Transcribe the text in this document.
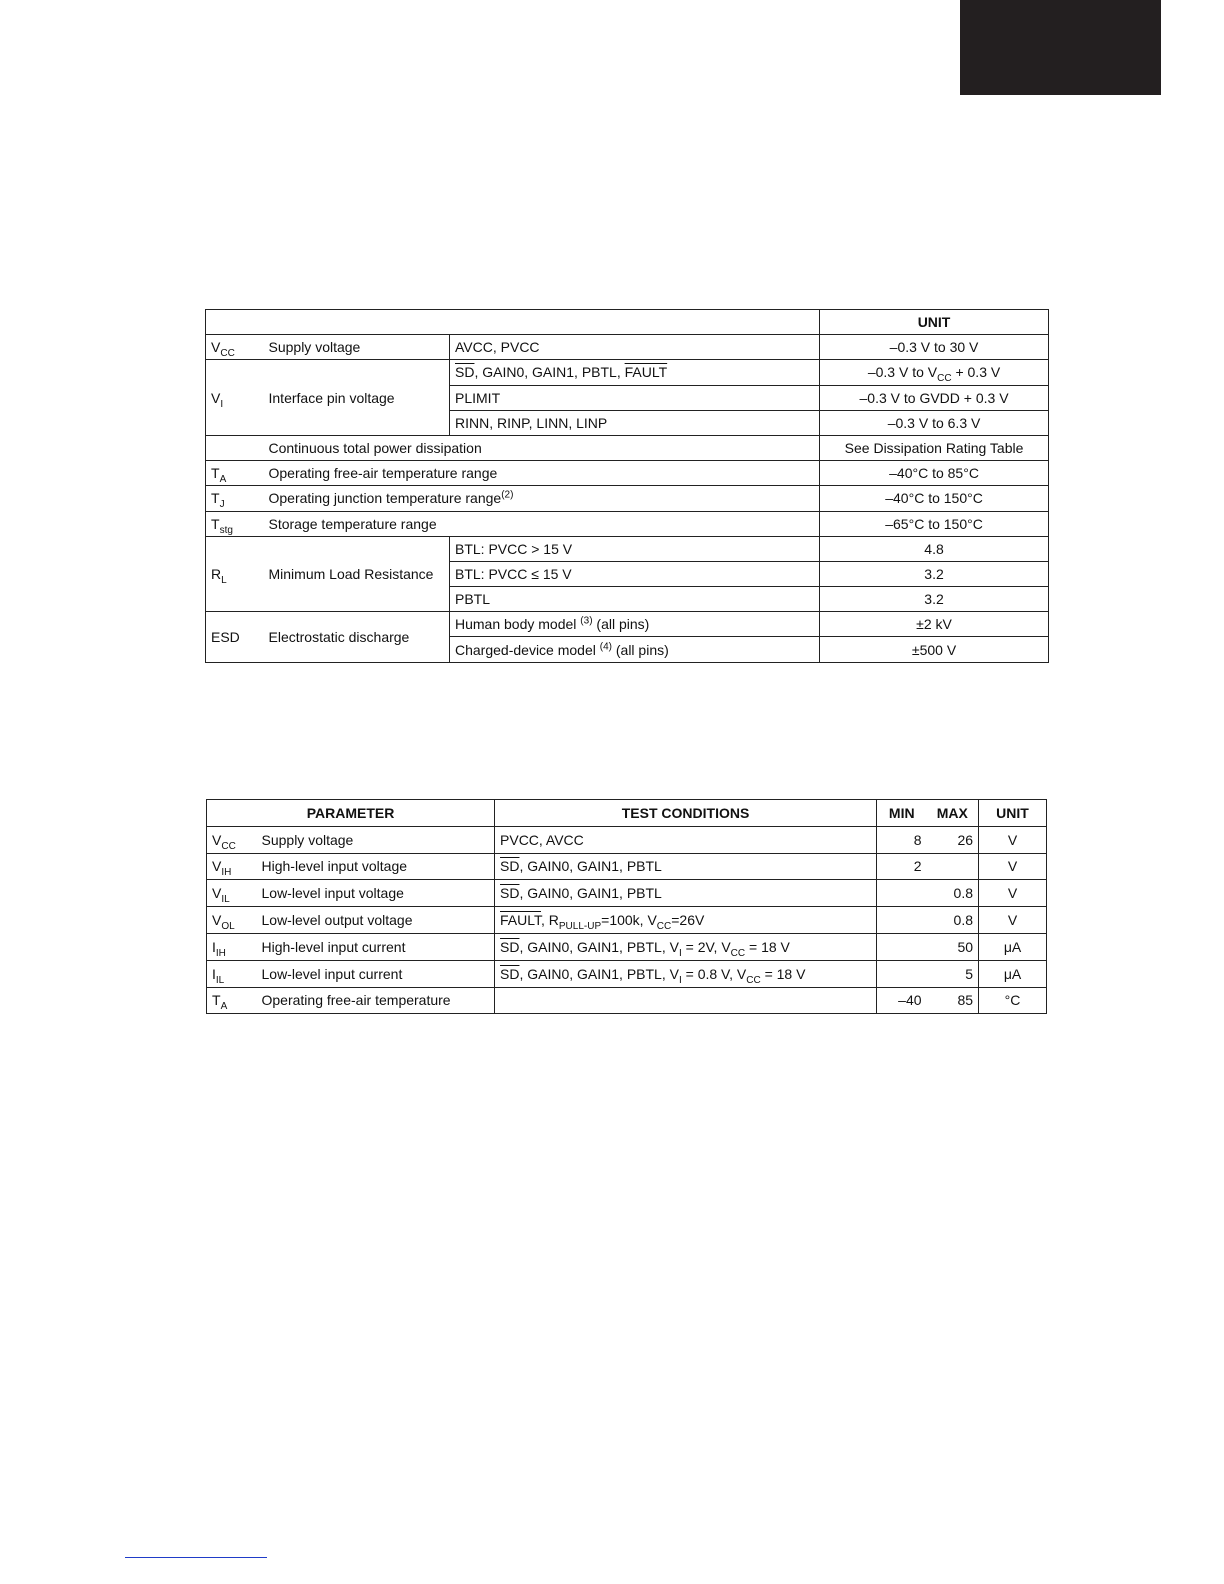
			UNIT
$V_{CC}$	Supply voltage	AVCC, PVCC	–0.3 V to 30 V
$V_I$	Interface pin voltage	$\overline{SD}$, GAIN0, GAIN1, PBTL, FAULT	–0.3 V to $V_{CC} + 0.3$ V
		PLIMIT	–0.3 V to GVDD + 0.3 V
		RINN, RINP, LINN, LINP	–0.3 V to 6.3 V
	Continuous total power dissipation		See Dissipation Rating Table
$T_A$	Operating free-air temperature range		–40°C to 85°C
$T_J$	Operating junction temperature range$^{(2)}$		–40°C to 150°C
$T_{stg}$	Storage temperature range		–65°C to 150°C
$R_L$	Minimum Load Resistance	BTL: PVCC > 15 V	4.8
		BTL: PVCC ≤ 15 V	3.2
		PBTL	3.2
ESD	Electrostatic discharge	Human body model $^{(3)}$ (all pins)	±2 kV
		Charged-device model $^{(4)}$ (all pins)	±500 V
PARAMETER		TEST CONDITIONS	MIN	MAX	UNIT
$V_{CC}$	Supply voltage	PVCC, AVCC	8	26	V
$V_{IH}$	High-level input voltage	$\overline{SD}$, GAIN0, GAIN1, PBTL	2		V
$V_{IL}$	Low-level input voltage	$\overline{SD}$, GAIN0, GAIN1, PBTL		0.8	V
$V_{OL}$	Low-level output voltage	FAULT, $R_{PULL-UP}=100k$, $V_{CC}=26V$		0.8	V
$I_{IH}$	High-level input current	$\overline{SD}$, GAIN0, GAIN1, PBTL, $V_I = 2V$, $V_{CC} = 18$ V		50	μA
$I_{IL}$	Low-level input current	$\overline{SD}$, GAIN0, GAIN1, PBTL, $V_I = 0.8$ V, $V_{CC} = 18$ V		5	μA
$T_A$	Operating free-air temperature		–40	85	°C
